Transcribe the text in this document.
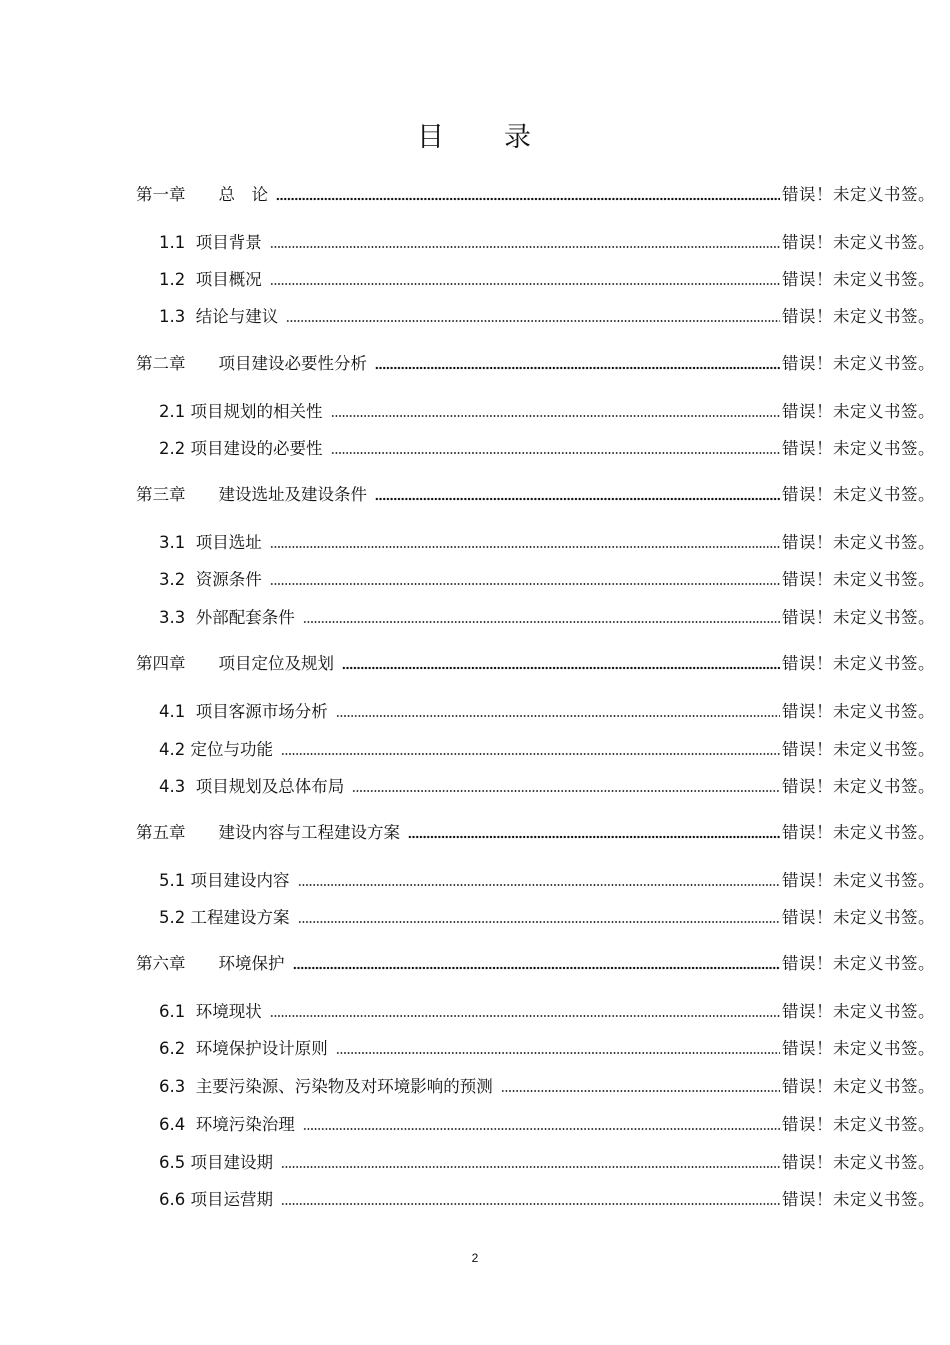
目　　录
第一章　　总　论	错误！未定义书签。
1.1  项目背景	错误！未定义书签。
1.2  项目概况	错误！未定义书签。
1.3  结论与建议	错误！未定义书签。
第二章　　项目建设必要性分析	错误！未定义书签。
2.1 项目规划的相关性	错误！未定义书签。
2.2 项目建设的必要性	错误！未定义书签。
第三章　　建设选址及建设条件	错误！未定义书签。
3.1  项目选址	错误！未定义书签。
3.2  资源条件	错误！未定义书签。
3.3  外部配套条件	错误！未定义书签。
第四章　　项目定位及规划	错误！未定义书签。
4.1  项目客源市场分析	错误！未定义书签。
4.2 定位与功能	错误！未定义书签。
4.3  项目规划及总体布局	错误！未定义书签。
第五章　　建设内容与工程建设方案	错误！未定义书签。
5.1 项目建设内容	错误！未定义书签。
5.2 工程建设方案	错误！未定义书签。
第六章　　环境保护	错误！未定义书签。
6.1  环境现状	错误！未定义书签。
6.2  环境保护设计原则	错误！未定义书签。
6.3  主要污染源、污染物及对环境影响的预测	错误！未定义书签。
6.4  环境污染治理	错误！未定义书签。
6.5 项目建设期	错误！未定义书签。
6.6 项目运营期	错误！未定义书签。
2
